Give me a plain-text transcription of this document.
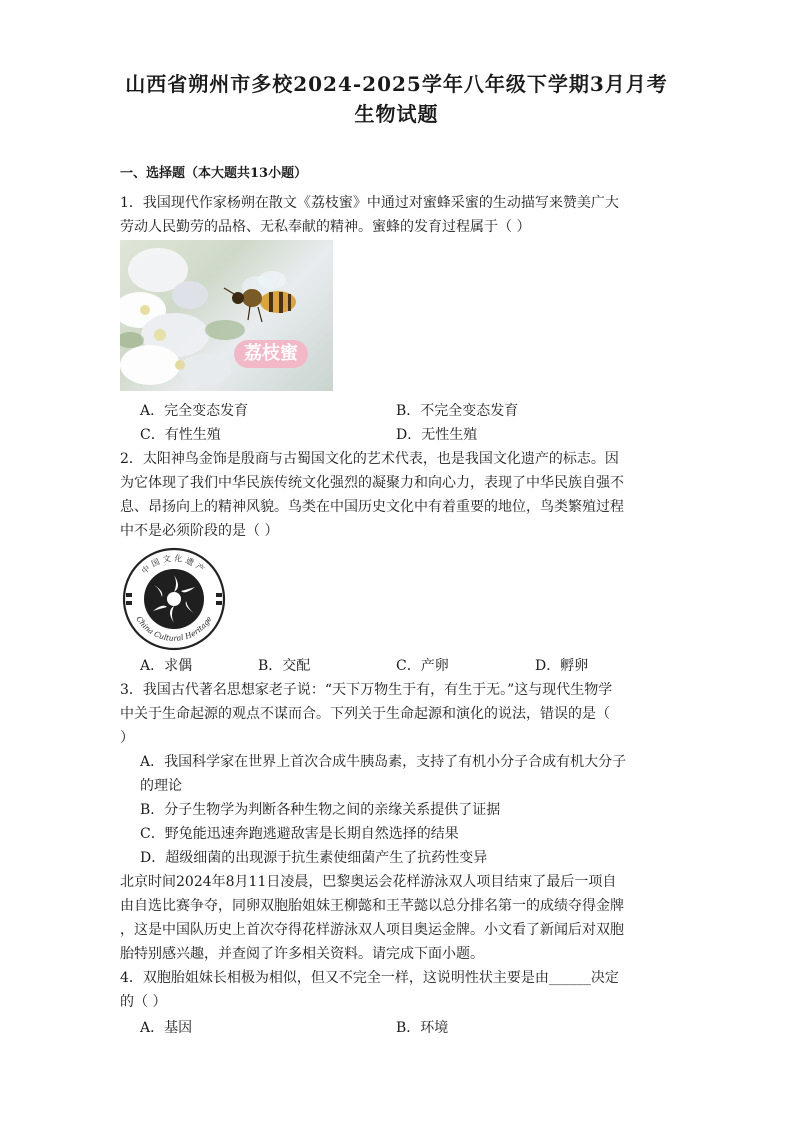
山西省朔州市多校2024-2025学年八年级下学期3月月考
生物试题
一、选择题（本大题共13小题）
1．我国现代作家杨朔在散文《荔枝蜜》中通过对蜜蜂采蜜的生动描写来赞美广大
劳动人民勤劳的品格、无私奉献的精神。蜜蜂的发育过程属于（ ）
荔枝蜜
A．完全变态发育	B．不完全变态发育
C．有性生殖	D．无性生殖
2．太阳神鸟金饰是殷商与古蜀国文化的艺术代表，也是我国文化遗产的标志。因
为它体现了我们中华民族传统文化强烈的凝聚力和向心力，表现了中华民族自强不
息、昂扬向上的精神风貌。鸟类在中国历史文化中有着重要的地位，鸟类繁殖过程
中不是必须阶段的是（ ）
中国文化遗产
China Cultural Heritage
A．求偶	B．交配	C．产卵	D．孵卵
3．我国古代著名思想家老子说：“天下万物生于有，有生于无。”这与现代生物学
中关于生命起源的观点不谋而合。下列关于生命起源和演化的说法，错误的是（
）
A．我国科学家在世界上首次合成牛胰岛素，支持了有机小分子合成有机大分子
的理论
B．分子生物学为判断各种生物之间的亲缘关系提供了证据
C．野兔能迅速奔跑逃避敌害是长期自然选择的结果
D．超级细菌的出现源于抗生素使细菌产生了抗药性变异
北京时间2024年8月11日凌晨，巴黎奥运会花样游泳双人项目结束了最后一项自
由自选比赛争夺，同卵双胞胎姐妹王柳懿和王芊懿以总分排名第一的成绩夺得金牌
，这是中国队历史上首次夺得花样游泳双人项目奥运金牌。小文看了新闻后对双胞
胎特别感兴趣，并查阅了许多相关资料。请完成下面小题。
4．双胞胎姐妹长相极为相似，但又不完全一样，这说明性状主要是由______决定
的（ ）
A．基因	B．环境
